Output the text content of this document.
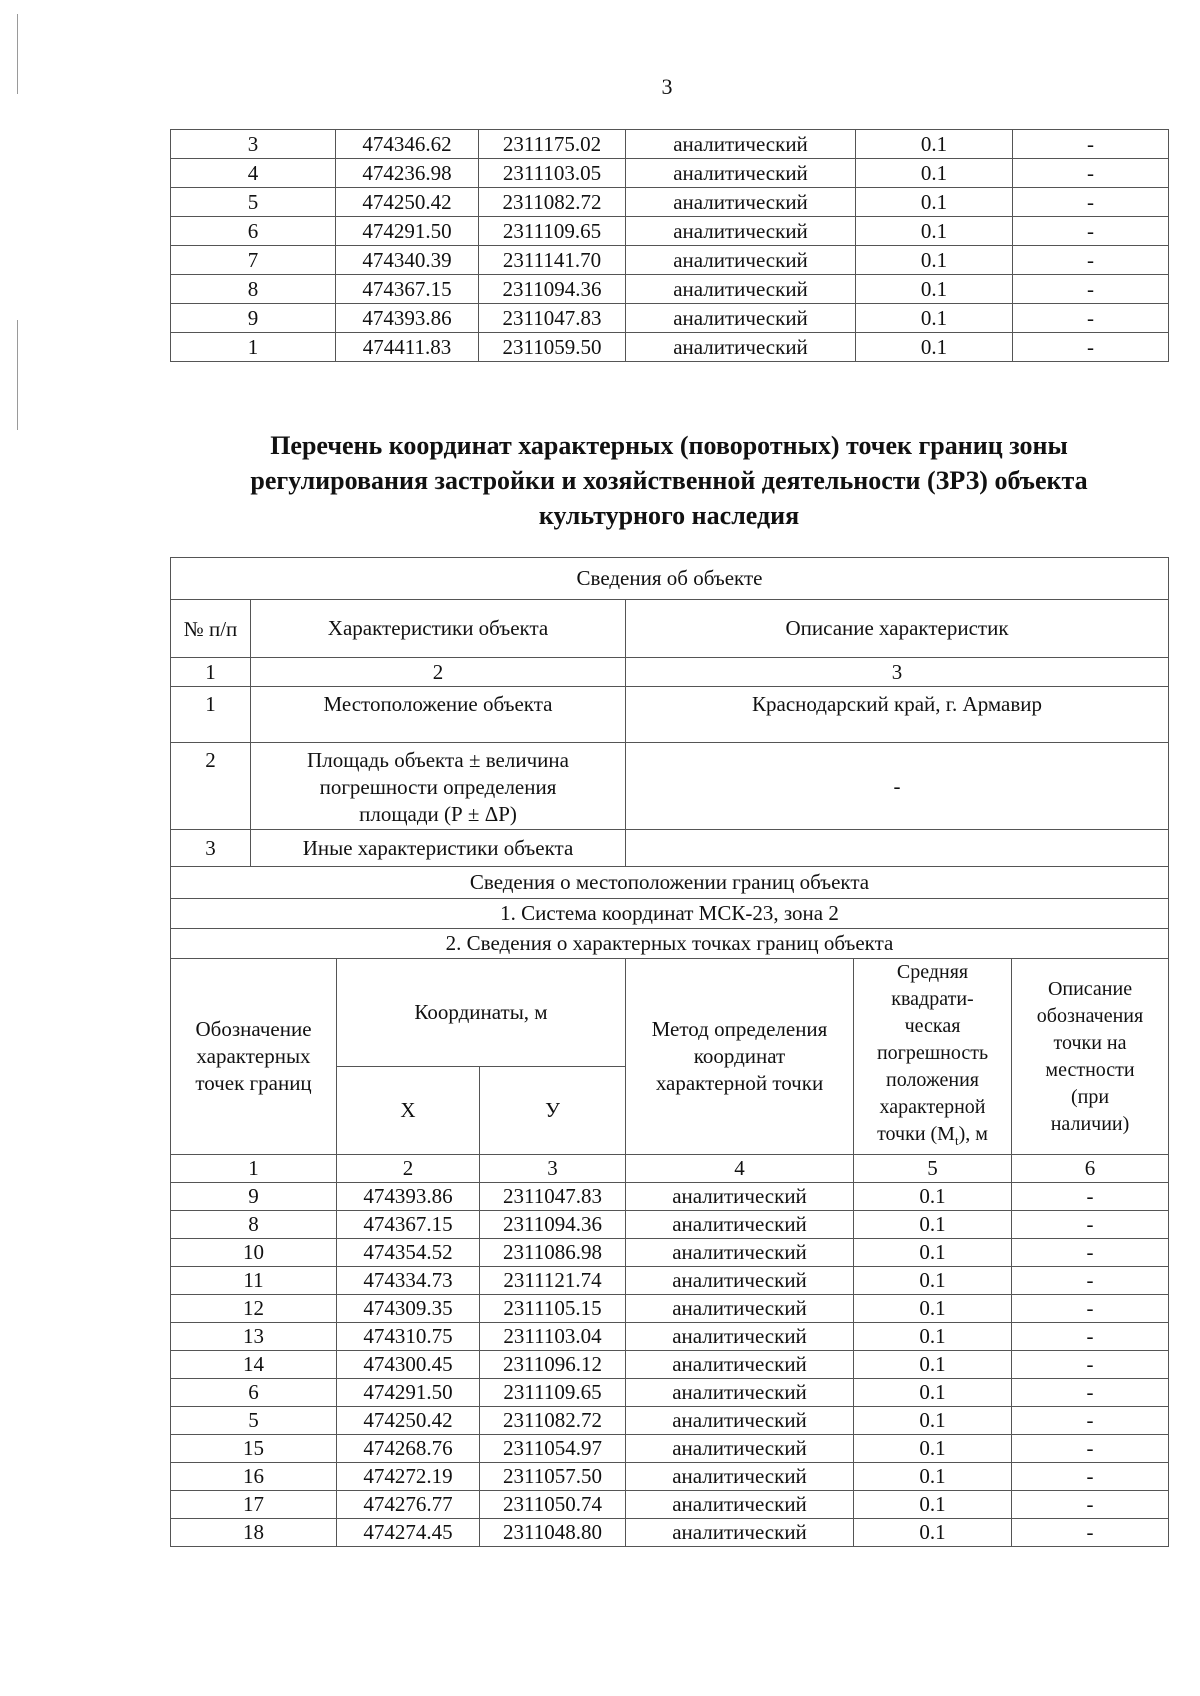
3
3	474346.62	2311175.02	аналитический	0.1	-
4	474236.98	2311103.05	аналитический	0.1	-
5	474250.42	2311082.72	аналитический	0.1	-
6	474291.50	2311109.65	аналитический	0.1	-
7	474340.39	2311141.70	аналитический	0.1	-
8	474367.15	2311094.36	аналитический	0.1	-
9	474393.86	2311047.83	аналитический	0.1	-
1	474411.83	2311059.50	аналитический	0.1	-
Перечень координат характерных (поворотных) точек границ зоны
регулирования застройки и хозяйственной деятельности (ЗРЗ) объекта
культурного наследия
Сведения об объекте						
№ п/п	Характеристики объекта			Описание характеристик		
1	2			3		
1	Местоположение объекта			Краснодарский край, г. Армавир		
2	Площадь объекта ± величина
погрешности определения
площади (Р ± ΔР)			-		
3	Иные характеристики объекта					
Сведения о местоположении границ объекта						
1. Система координат МСК-23, зона 2						
2. Сведения о характерных точках границ объекта						

Обозначение
характерных
точек границ
	Координаты, м	
Метод определения
координат
характерной точки

Средняя
квадрати-
ческая
погрешность
положения
характерной
точки $(М_t)$, м

Описание
обозначения
точки на
местности
(при
наличии)

		Х	У			
1		2	3	4	5	6
9		474393.86	2311047.83	аналитический	0.1	-
8		474367.15	2311094.36	аналитический	0.1	-
10		474354.52	2311086.98	аналитический	0.1	-
11		474334.73	2311121.74	аналитический	0.1	-
12		474309.35	2311105.15	аналитический	0.1	-
13		474310.75	2311103.04	аналитический	0.1	-
14		474300.45	2311096.12	аналитический	0.1	-
6		474291.50	2311109.65	аналитический	0.1	-
5		474250.42	2311082.72	аналитический	0.1	-
15		474268.76	2311054.97	аналитический	0.1	-
16		474272.19	2311057.50	аналитический	0.1	-
17		474276.77	2311050.74	аналитический	0.1	-
18		474274.45	2311048.80	аналитический	0.1	-
